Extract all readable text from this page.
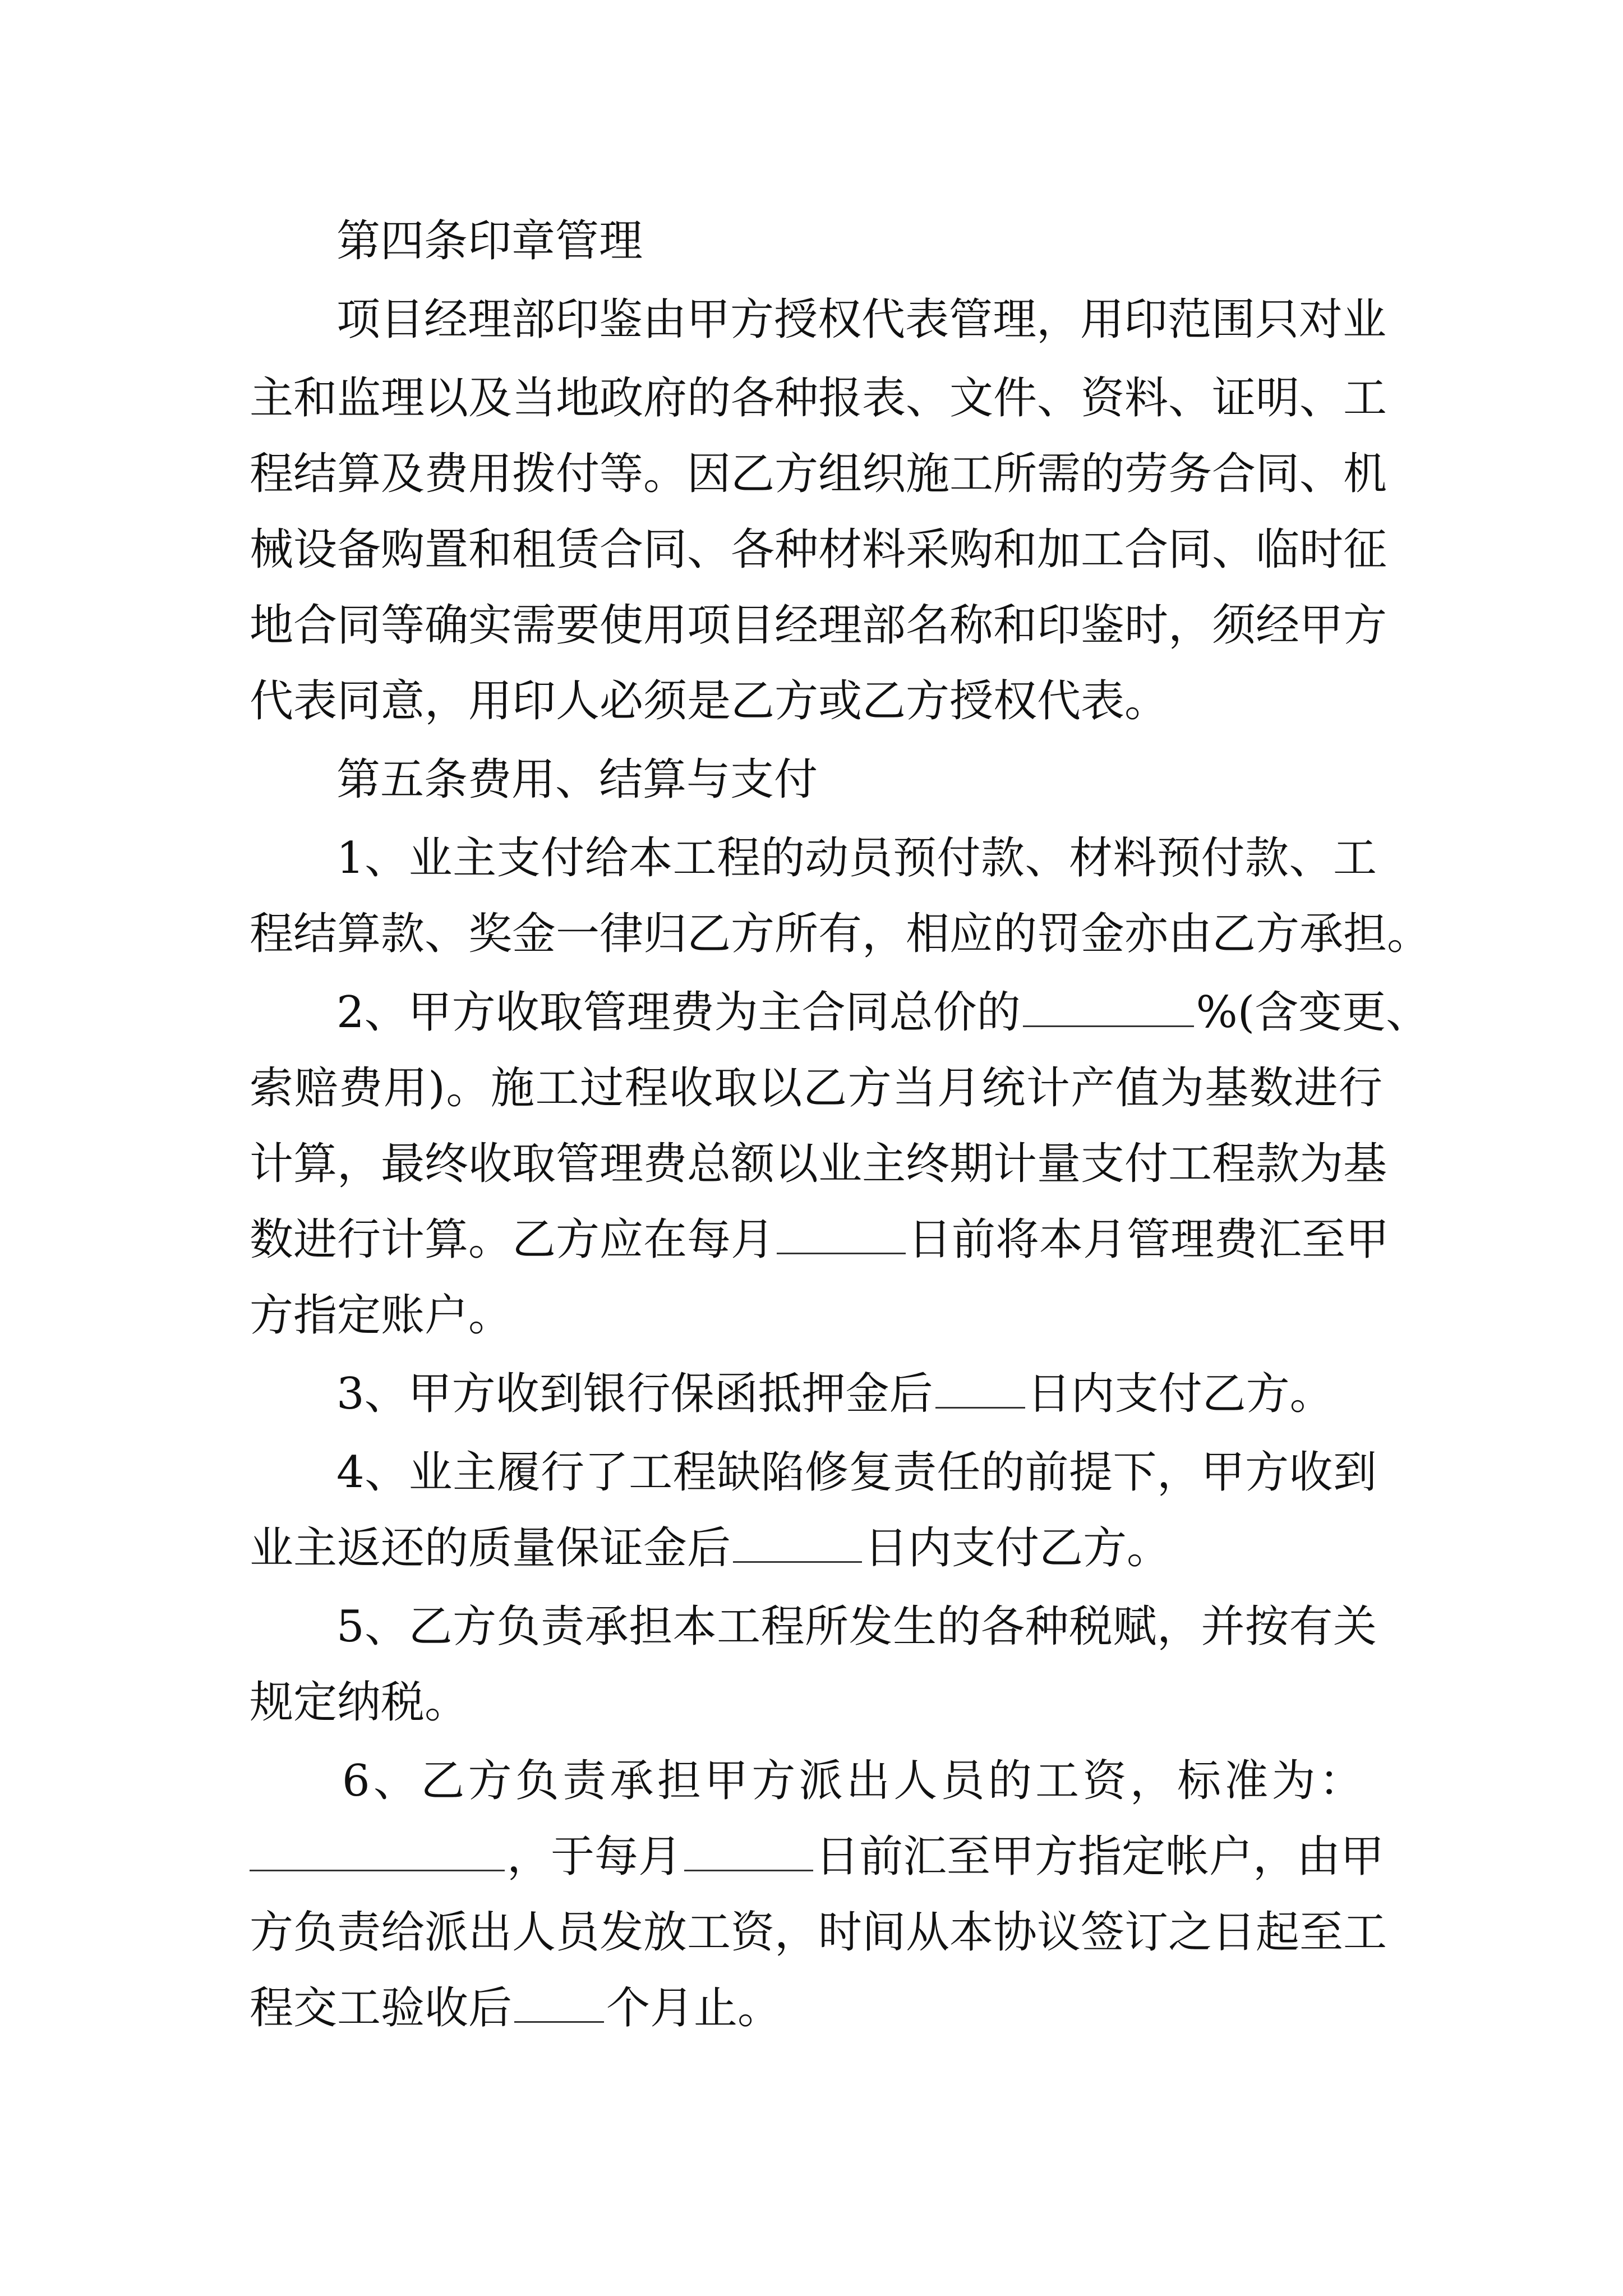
第四条印章管理
项目经理部印鉴由甲方授权代表管理，用印范围只对业
主和监理以及当地政府的各种报表、文件、资料、证明、工
程结算及费用拨付等。因乙方组织施工所需的劳务合同、机
械设备购置和租赁合同、各种材料采购和加工合同、临时征
地合同等确实需要使用项目经理部名称和印鉴时，须经甲方
代表同意，用印人必须是乙方或乙方授权代表。
第五条费用、结算与支付
1、业主支付给本工程的动员预付款、材料预付款、工
程结算款、奖金一律归乙方所有，相应的罚金亦由乙方承担。
2、甲方收取管理费为主合同总价的	%(含变更、
索赔费用)。施工过程收取以乙方当月统计产值为基数进行
计算，最终收取管理费总额以业主终期计量支付工程款为基
数进行计算。乙方应在每月	日前将本月管理费汇至甲
方指定账户。
3、甲方收到银行保函抵押金后 日内支付乙方。
4、业主履行了工程缺陷修复责任的前提下，甲方收到
业主返还的质量保证金后	日内支付乙方。
5、乙方负责承担本工程所发生的各种税赋，并按有关
规定纳税。
6、乙方负责承担甲方派出人员的工资，标准为：
，于每月	日前汇至甲方指定帐户，由甲
方负责给派出人员发放工资，时间从本协议签订之日起至工
程交工验收后 个月止。
